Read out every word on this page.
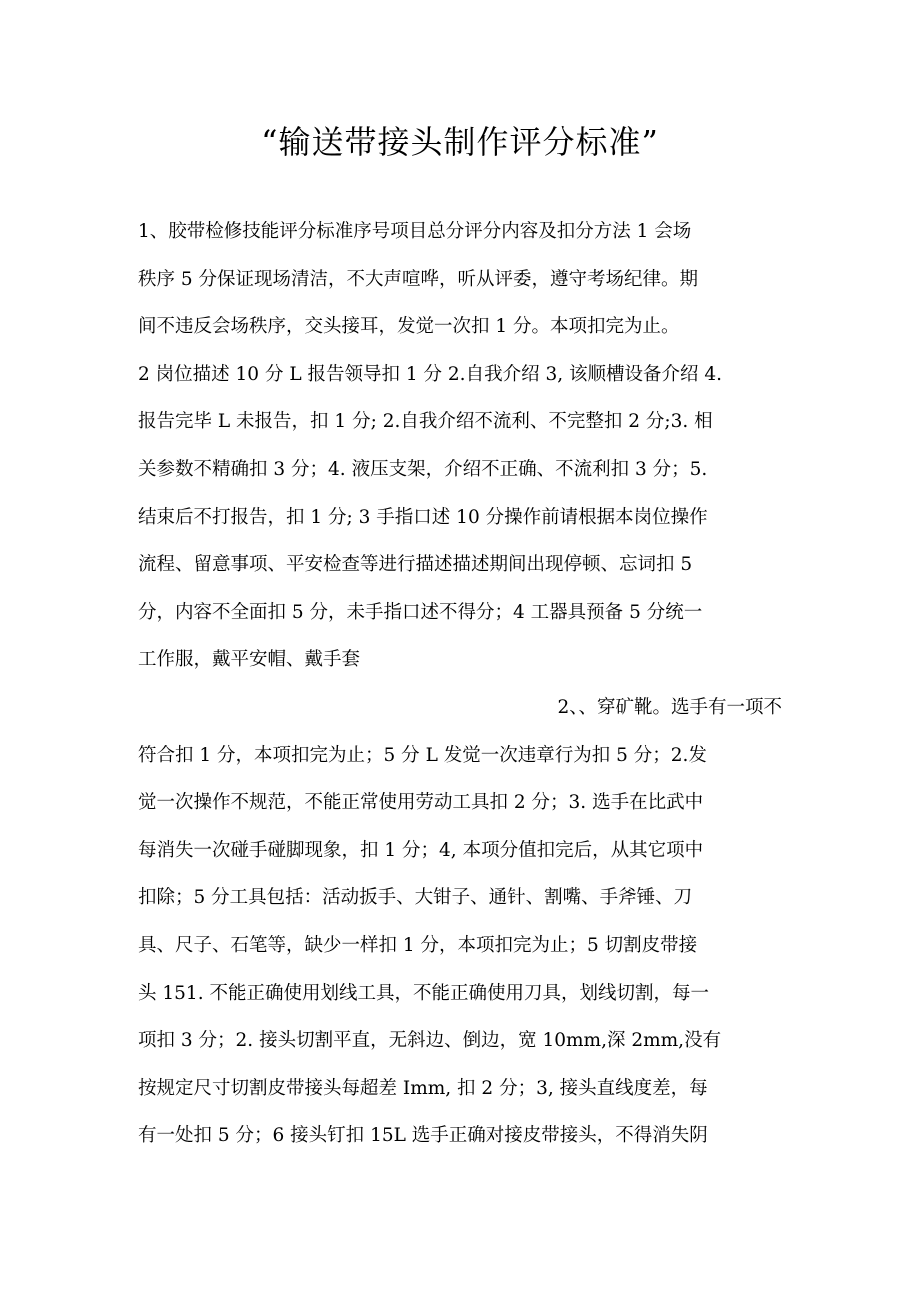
“输送带接头制作评分标准”
1、胶带检修技能评分标准序号项目总分评分内容及扣分方法 1 会场
秩序 5 分保证现场清洁，不大声喧哗，听从评委，遵守考场纪律。期
间不违反会场秩序，交头接耳，发觉一次扣 1 分。本项扣完为止。
2 岗位描述 10 分 L 报告领导扣 1 分 2.自我介绍 3, 该顺槽设备介绍 4.
报告完毕 L 未报告，扣 1 分; 2.自我介绍不流利、不完整扣 2 分;3. 相
关参数不精确扣 3 分；4. 液压支架，介绍不正确、不流利扣 3 分；5.
结束后不打报告，扣 1 分; 3 手指口述 10 分操作前请根据本岗位操作
流程、留意事项、平安检查等进行描述描述期间出现停顿、忘词扣 5
分，内容不全面扣 5 分，未手指口述不得分；4 工器具预备 5 分统一
工作服，戴平安帽、戴手套
2、、穿矿靴。选手有一项不
符合扣 1 分，本项扣完为止；5 分 L 发觉一次违章行为扣 5 分；2.发
觉一次操作不规范，不能正常使用劳动工具扣 2 分；3. 选手在比武中
每消失一次碰手碰脚现象，扣 1 分；4, 本项分值扣完后，从其它项中
扣除；5 分工具包括：活动扳手、大钳子、通针、割嘴、手斧锤、刀
具、尺子、石笔等，缺少一样扣 1 分，本项扣完为止；5 切割皮带接
头 151. 不能正确使用划线工具，不能正确使用刀具，划线切割，每一
项扣 3 分；2. 接头切割平直，无斜边、倒边，宽 10mm,深 2mm,没有
按规定尺寸切割皮带接头每超差 Imm, 扣 2 分；3, 接头直线度差，每
有一处扣 5 分；6 接头钉扣 15L 选手正确对接皮带接头，不得消失阴
